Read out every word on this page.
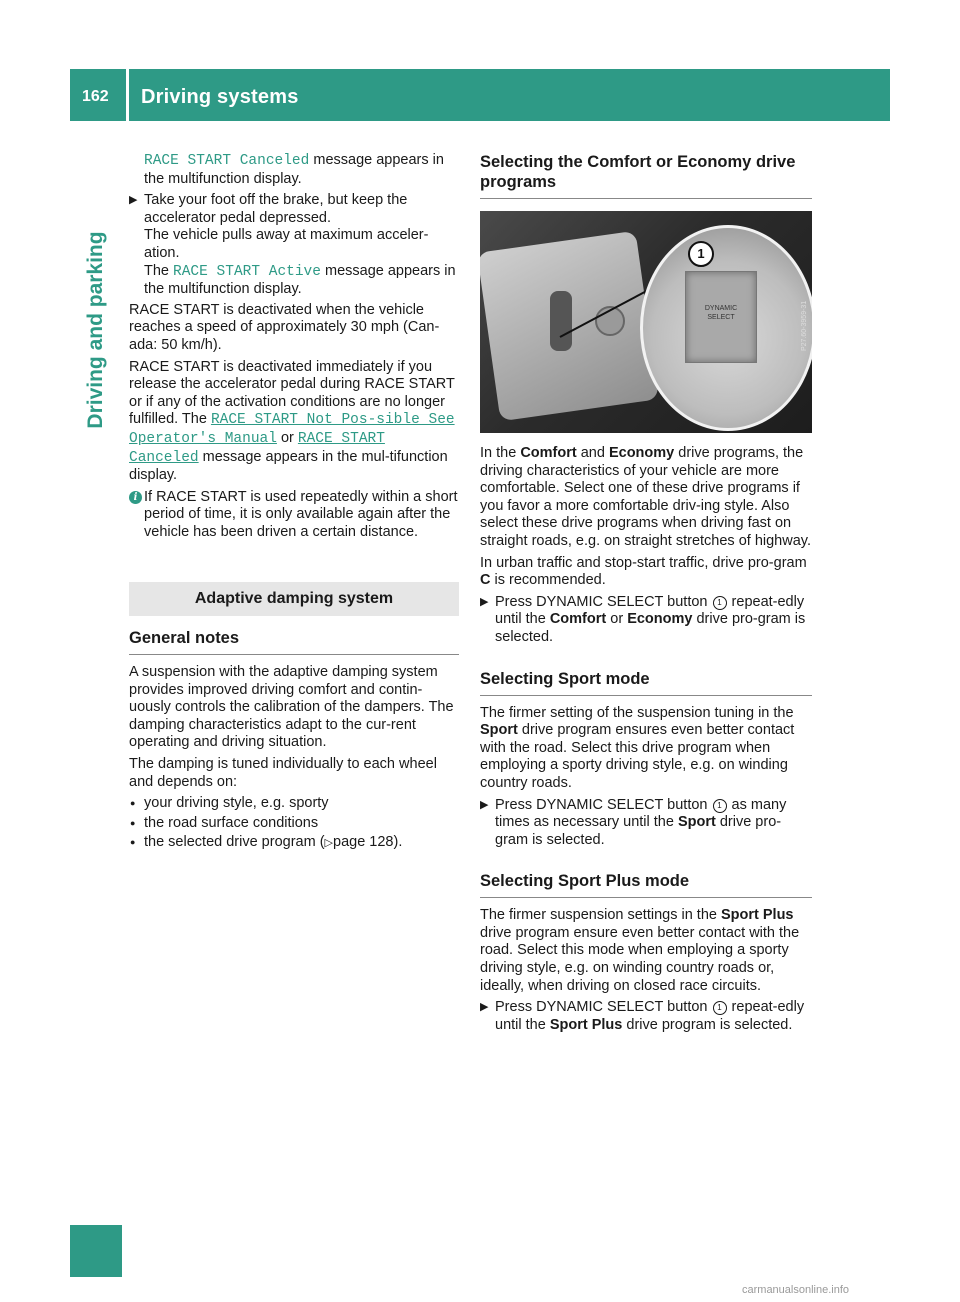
162 Driving systems
Driving and parking

RACE START Canceled message appears in the multifunction display.

▶ Take your foot off the brake, but keep the accelerator pedal depressed.
The vehicle pulls away at maximum acceler-ation.
The RACE START Active message appears in the multifunction display.

RACE START is deactivated when the vehicle reaches a speed of approximately 30 mph (Can-ada: 50 km/h).

RACE START is deactivated immediately if you release the accelerator pedal during RACE START or if any of the activation conditions are no longer fulfilled. The RACE START Not Pos‐sible See Operator's Manual or RACE START Canceled message appears in the mul-tifunction display.

i If RACE START is used repeatedly within a short period of time, it is only available again after the vehicle has been driven a certain distance.
Adaptive damping system
General notes

A suspension with the adaptive damping system provides improved driving comfort and contin-uously controls the calibration of the dampers. The damping characteristics adapt to the cur-rent operating and driving situation.

The damping is tuned individually to each wheel and depends on:

● your driving style, e.g. sporty
● the road surface conditions
● the selected drive program (▷page 128).
Selecting the Comfort or Economy drive programs
DYNAMIC
SELECT
1
P27.60-3959-31

In the Comfort and Economy drive programs, the driving characteristics of your vehicle are more comfortable. Select one of these drive programs if you favor a more comfortable driv-ing style. Also select these drive programs when driving fast on straight roads, e.g. on straight stretches of highway.

In urban traffic and stop-start traffic, drive pro-gram C is recommended.

▶ Press DYNAMIC SELECT button 1 repeat-edly until the Comfort or Economy drive pro-gram is selected.
Selecting Sport mode

The firmer setting of the suspension tuning in the Sport drive program ensures even better contact with the road. Select this drive program when employing a sporty driving style, e.g. on winding country roads.

▶ Press DYNAMIC SELECT button 1 as many times as necessary until the Sport drive pro-gram is selected.
Selecting Sport Plus mode

The firmer suspension settings in the Sport Plus drive program ensure even better contact with the road. Select this mode when employing a sporty driving style, e.g. on winding country roads or, ideally, when driving on closed race circuits.

▶ Press DYNAMIC SELECT button 1 repeat-edly until the Sport Plus drive program is selected.
carmanualsonline.info
